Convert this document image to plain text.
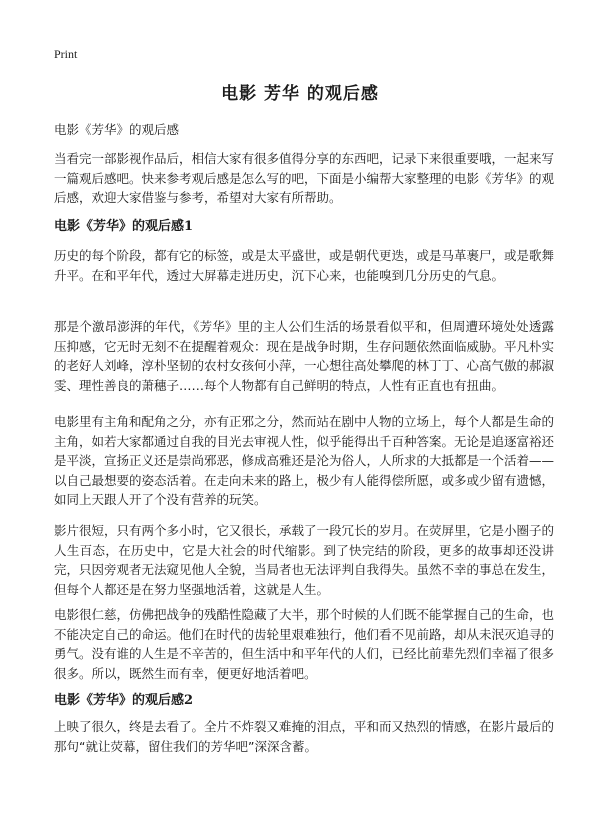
Print
电影 芳华 的观后感
电影《芳华》的观后感

当看完一部影视作品后，相信大家有很多值得分享的东西吧，记录下来很重要哦，一起来写一篇观后感吧。快来参考观后感是怎么写的吧，下面是小编帮大家整理的电影《芳华》的观后感，欢迎大家借鉴与参考，希望对大家有所帮助。

电影《芳华》的观后感1

历史的每个阶段，都有它的标签，或是太平盛世，或是朝代更迭，或是马革裹尸，或是歌舞升平。在和平年代，透过大屏幕走进历史，沉下心来，也能嗅到几分历史的气息。

那是个激昂澎湃的年代，《芳华》里的主人公们生活的场景看似平和，但周遭环境处处透露压抑感，它无时无刻不在提醒着观众：现在是战争时期，生存问题依然面临威胁。平凡朴实的老好人刘峰，淳朴坚韧的农村女孩何小萍，一心想往高处攀爬的林丁丁、心高气傲的郝淑雯、理性善良的萧穗子……每个人物都有自己鲜明的特点，人性有正直也有扭曲。

电影里有主角和配角之分，亦有正邪之分，然而站在剧中人物的立场上，每个人都是生命的主角，如若大家都通过自我的目光去审视人性，似乎能得出千百种答案。无论是追逐富裕还是平淡，宣扬正义还是崇尚邪恶，修成高雅还是沦为俗人，人所求的大抵都是一个活着——以自己最想要的姿态活着。在走向未来的路上，极少有人能得偿所愿，或多或少留有遗憾，如同上天跟人开了个没有营养的玩笑。

影片很短，只有两个多小时，它又很长，承载了一段冗长的岁月。在荧屏里，它是小圈子的人生百态，在历史中，它是大社会的时代缩影。到了快完结的阶段，更多的故事却还没讲完，只因旁观者无法窥见他人全貌，当局者也无法评判自我得失。虽然不幸的事总在发生，但每个人都还是在努力坚强地活着，这就是人生。

电影很仁慈，仿佛把战争的残酷性隐藏了大半，那个时候的人们既不能掌握自己的生命，也不能决定自己的命运。他们在时代的齿轮里艰难独行，他们看不见前路，却从未泯灭追寻的勇气。没有谁的人生是不辛苦的，但生活中和平年代的人们，已经比前辈先烈们幸福了很多很多。所以，既然生而有幸，便更好地活着吧。

电影《芳华》的观后感2

上映了很久，终是去看了。全片不炸裂又难掩的泪点，平和而又热烈的情感，在影片最后的那句“就让荧幕，留住我们的芳华吧”深深含蓄。
